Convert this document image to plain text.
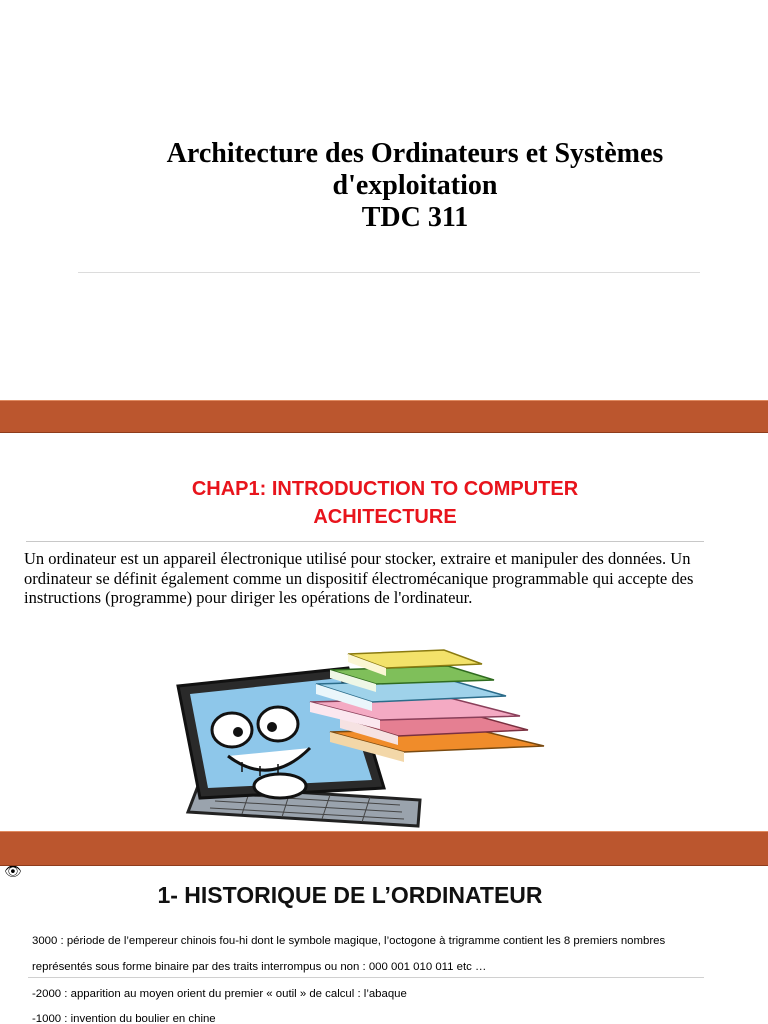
Architecture des Ordinateurs et Systèmes
d'exploitation
TDC 311
CHAP1: INTRODUCTION TO COMPUTER
ACHITECTURE
Un ordinateur est un appareil électronique utilisé pour stocker, extraire et manipuler des données. Un ordinateur se définit également comme un dispositif électromécanique programmable qui accepte des instructions (programme) pour diriger les opérations de l'ordinateur.
👁
1- HISTORIQUE DE L’ORDINATEUR
3000 : période de l’empereur chinois fou-hi dont le symbole magique, l’octogone à trigramme contient les 8 premiers nombres
représentés sous forme binaire par des traits interrompus ou non : 000 001 010 011 etc …
-2000 : apparition au moyen orient du premier « outil » de calcul : l’abaque
-1000 : invention du boulier en chine
